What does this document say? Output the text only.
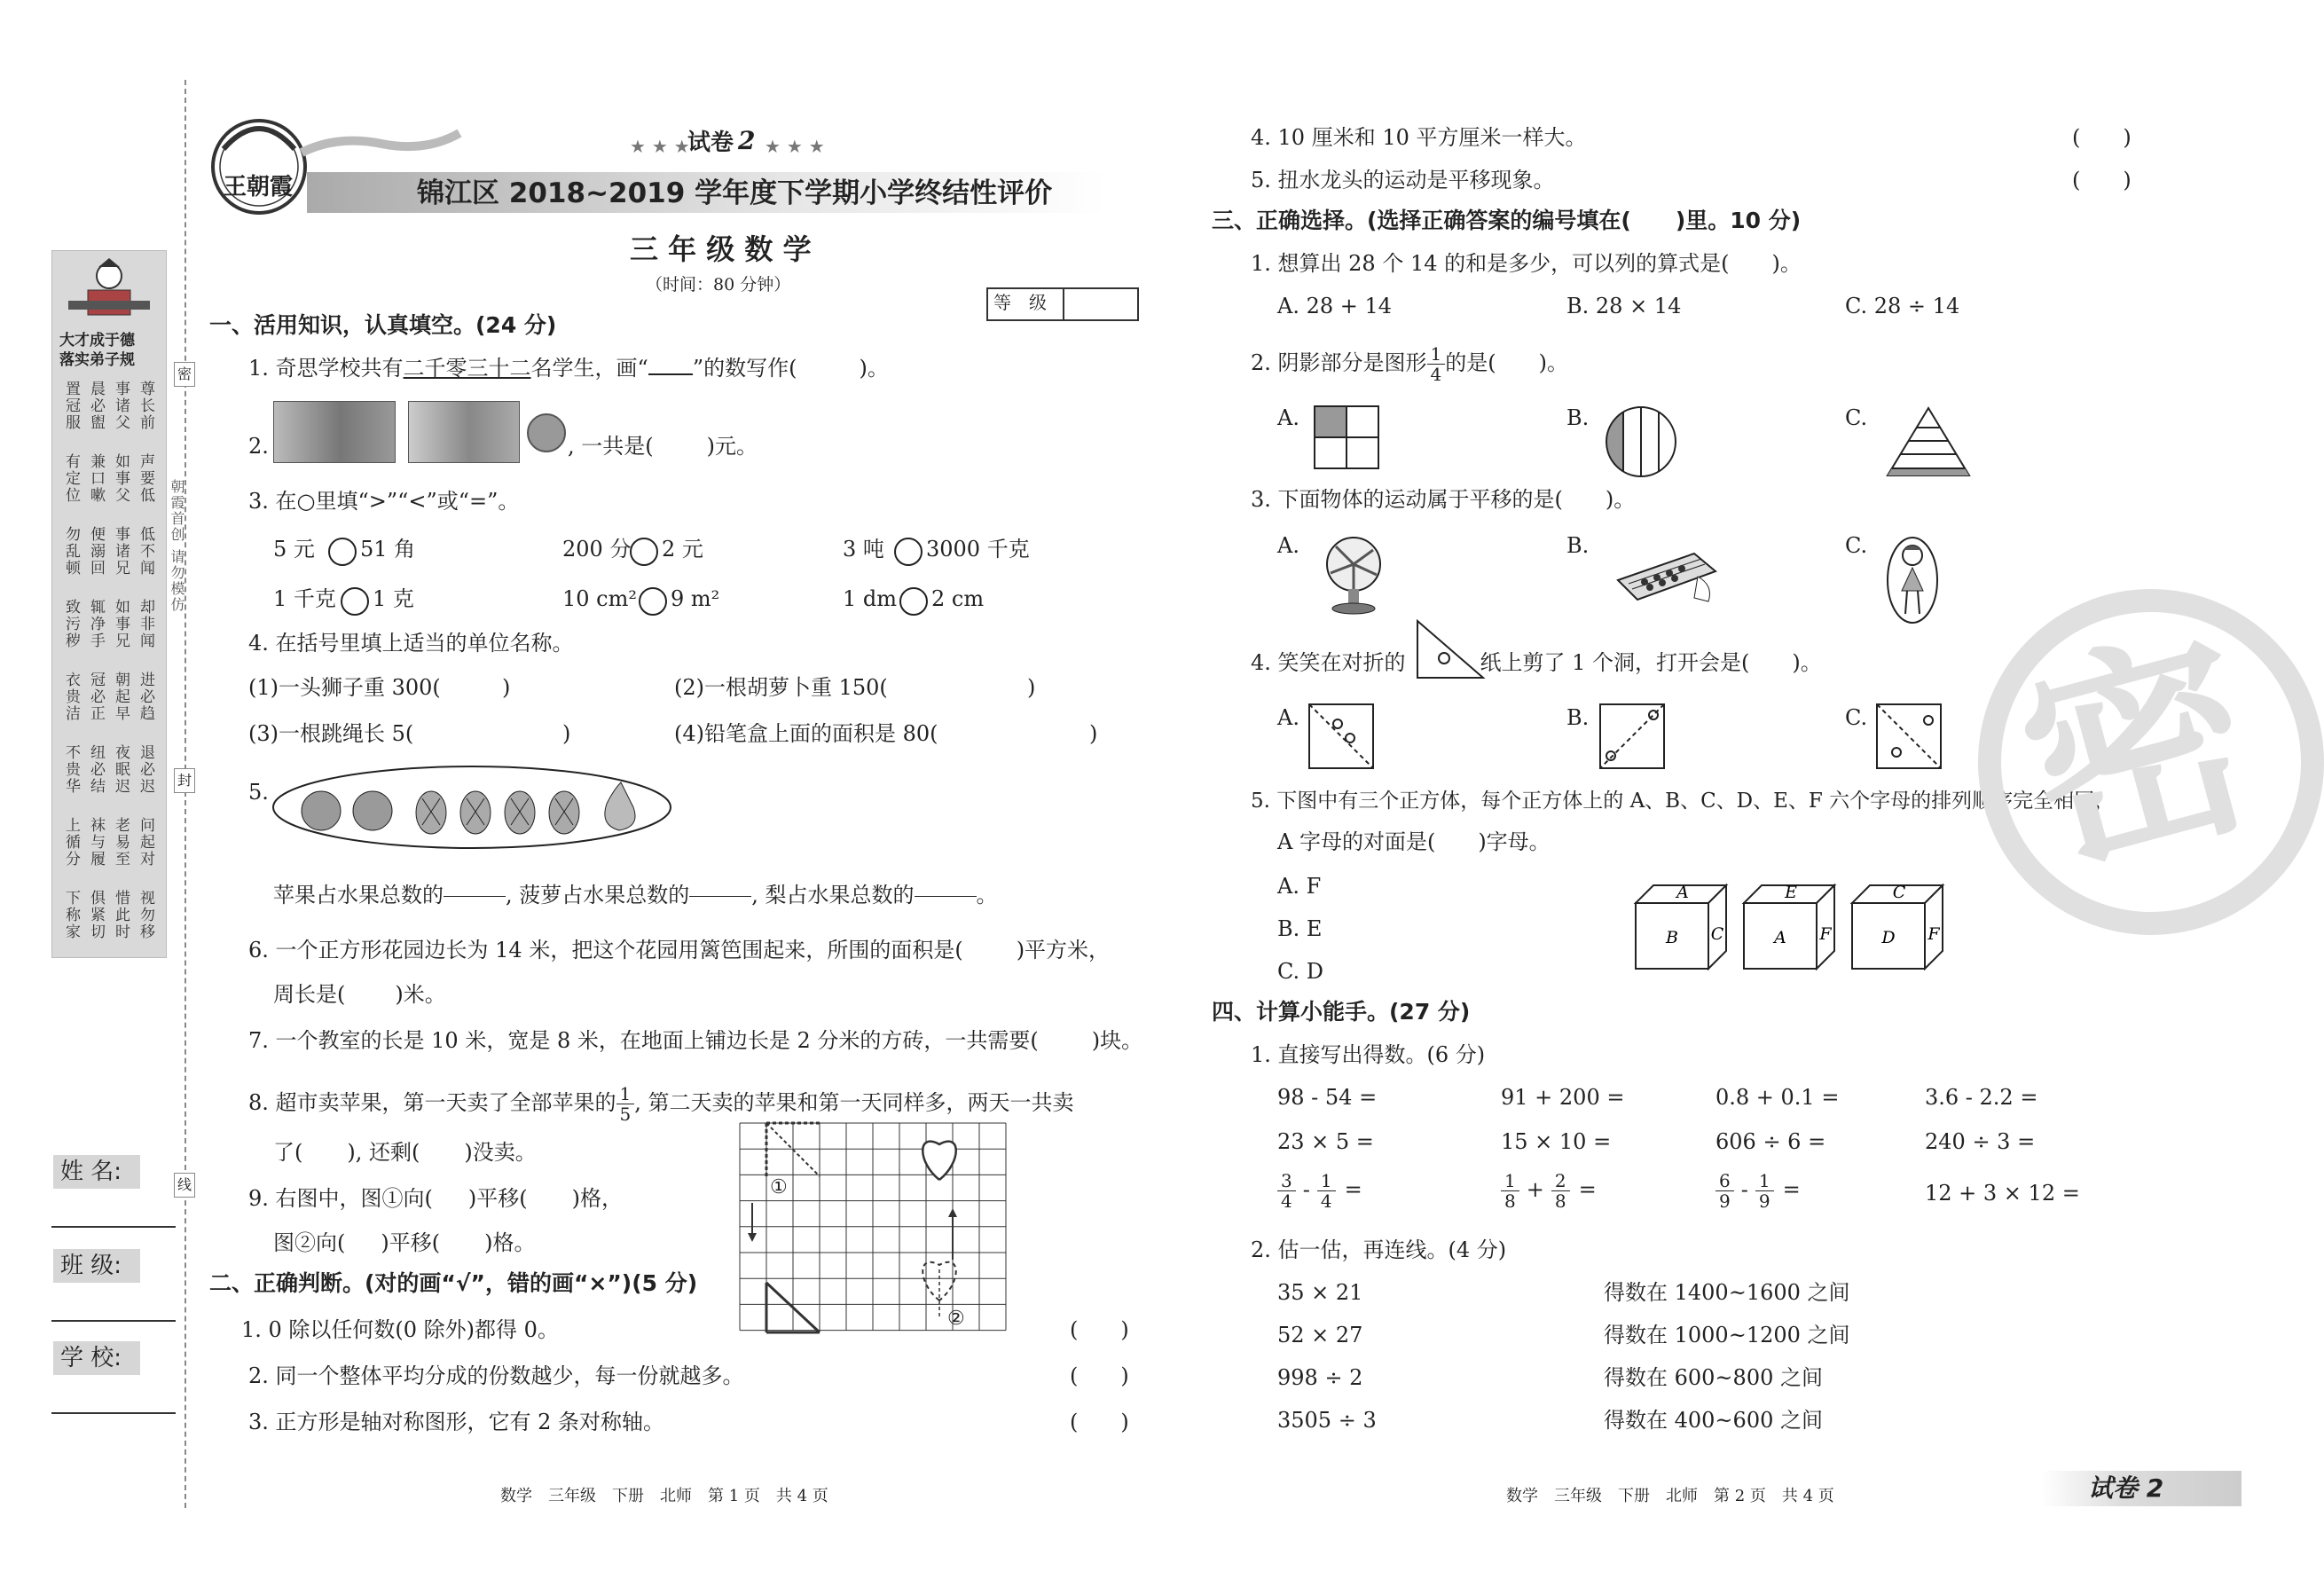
大才成于德
落实弟子规
置冠服 晨必盥 事诸父 尊长前
有定位 兼口嗽 如事父 声要低
勿乱顿 便溺回 事诸兄 低不闻
致污秽 辄净手 如事兄 却非闻
衣贵洁 冠必正 朝起早 进必趋
不贵华 纽必结 夜眠迟 退必迟
上循分 袜与履 老易至 问起对
下称家 俱紧切 惜此时 视勿移
朝霞首创 请勿模仿
密
封
线
姓 名:
班 级:
学 校:
王朝霞
★ ★ ★
试卷 2 ★ ★ ★
锦江区 2018~2019 学年度下学期小学终结性评价
三 年 级 数 学
（时间：80 分钟）
等　级
一、活用知识，认真填空。(24 分)
1. 奇思学校共有二千零三十二名学生，画“ ”的数写作(	)。
2.	, 一共是(	)元。
3. 在○里填“>”“<”或“=”。
5 元 51 角	200 分 2 元	3 吨 3000 千克
1 千克 1 克	10 cm² 9 m²	1 dm 2 cm
4. 在括号里填上适当的单位名称。
(1)一头狮子重 300(	)	(2)一根胡萝卜重 150(	)
(3)一根跳绳长 5(	)	(4)铅笔盒上面的面积是 80(	)
5.
苹果占水果总数的

	, 菠萝占水果总数的

	, 梨占水果总数的

	。
6. 一个正方形花园边长为 14 米，把这个花园用篱笆围起来，所围的面积是(	)平方米，
周长是( )米。
7. 一个教室的长是 10 米，宽是 8 米，在地面上铺边长是 2 分米的方砖，一共需要(	)块。
8. 超市卖苹果，第一天卖了全部苹果的 $\frac{1}{5}$ , 第二天卖的苹果和第一天同样多，两天一共卖
了( ), 还剩( )没卖。
9. 右图中，图①向( )平移( )格，
图②向( )平移( )格。
①
②
二、正确判断。(对的画“√”，错的画“×”)(5 分)
1. 0 除以任何数(0 除外)都得 0。	(　　)
2. 同一个整体平均分成的份数越少，每一份就越多。	(　　)
3. 正方形是轴对称图形，它有 2 条对称轴。	(　　)
数学　三年级　下册　北师　第 1 页　共 4 页
4. 10 厘米和 10 平方厘米一样大。	(　　)
5. 扭水龙头的运动是平移现象。	(　　)
三、正确选择。(选择正确答案的编号填在(　　)里。10 分)
1. 想算出 28 个 14 的和是多少，可以列的算式是(　　)。
A. 28 + 14	B. 28 × 14	C. 28 ÷ 14
2. 阴影部分是图形 $\frac{1}{4}$ 的是(　　)。
A.	B.	C.
3. 下面物体的运动属于平移的是(　　)。
A.	B.	C.
4. 笑笑在对折的	纸上剪了 1 个洞，打开会是(　　)。
A.	B.	C.
5. 下图中有三个正方体，每个正方体上的 A、B、C、D、E、F 六个字母的排列顺序完全相同，
A 字母的对面是(　　)字母。
A. F
B. E
C. D
A
B C
E
A F
C
D F
四、计算小能手。(27 分)
1. 直接写出得数。(6 分)
98 - 54 =	91 + 200 =	0.8 + 0.1 =	3.6 - 2.2 =
23 × 5 =	15 × 10 =	606 ÷ 6 =	240 ÷ 3 =
$\frac{3}{4} - \frac{1}{4}$ =	$\frac{1}{8} + \frac{2}{8}$ =	$\frac{6}{9} - \frac{1}{9}$ =	12 + 3 × 12 =
2. 估一估，再连线。(4 分)
35 × 21	得数在 1400~1600 之间
52 × 27	得数在 1000~1200 之间
998 ÷ 2	得数在 600~800 之间
3505 ÷ 3	得数在 400~600 之间
数学　三年级　下册　北师　第 2 页　共 4 页	试卷 2
密
